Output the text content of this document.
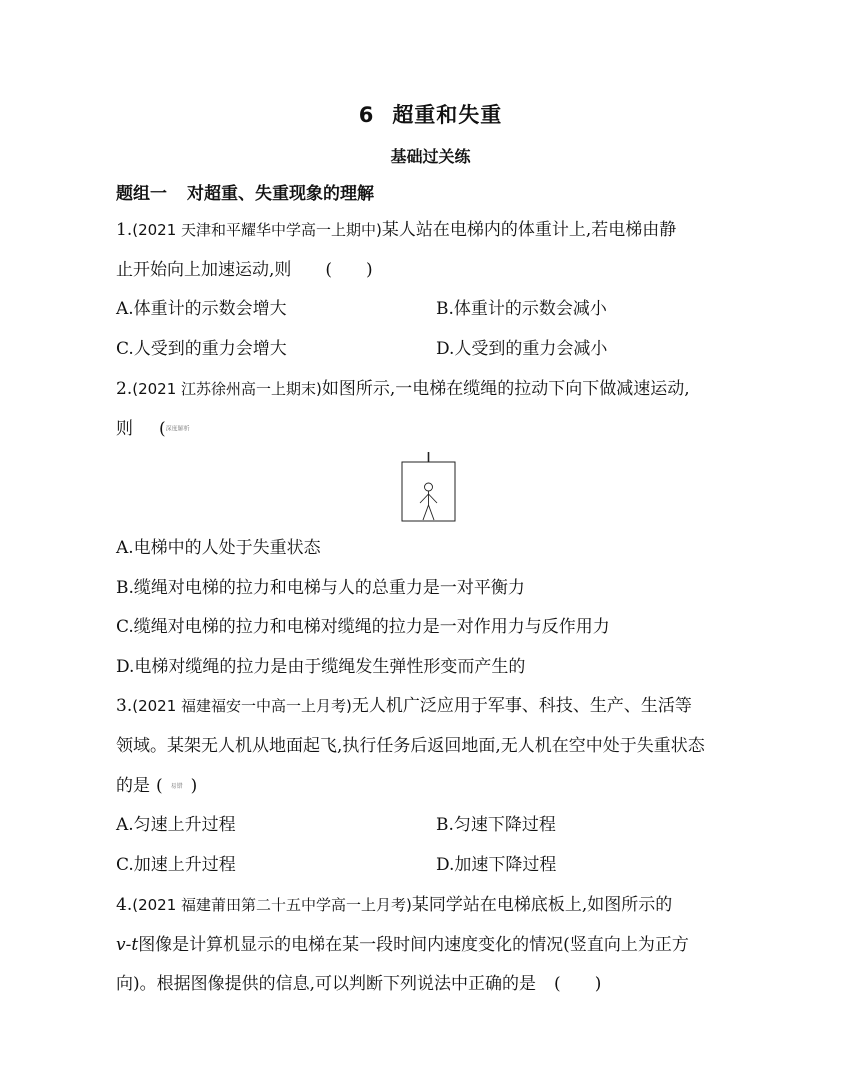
6 超重和失重
基础过关练
题组一 对超重、失重现象的理解
1.(2021 天津和平耀华中学高一上期中)某人站在电梯内的体重计上,若电梯由静
止开始向上加速运动,则 ( )
A.体重计的示数会增大	B.体重计的示数会减小
C.人受到的重力会增大	D.人受到的重力会减小
2.(2021 江苏徐州高一上期末)如图所示,一电梯在缆绳的拉动下向下做减速运动,
则 (深度解析
A.电梯中的人处于失重状态
B.缆绳对电梯的拉力和电梯与人的总重力是一对平衡力
C.缆绳对电梯的拉力和电梯对缆绳的拉力是一对作用力与反作用力
D.电梯对缆绳的拉力是由于缆绳发生弹性形变而产生的
3.(2021 福建福安一中高一上月考)无人机广泛应用于军事、科技、生产、生活等
领域。某架无人机从地面起飞,执行任务后返回地面,无人机在空中处于失重状态
的是 ( 易错 )
A.匀速上升过程	B.匀速下降过程
C.加速上升过程	D.加速下降过程
4.(2021 福建莆田第二十五中学高一上月考)某同学站在电梯底板上,如图所示的
v-t图像是计算机显示的电梯在某一段时间内速度变化的情况(竖直向上为正方
向)。根据图像提供的信息,可以判断下列说法中正确的是 ( )
